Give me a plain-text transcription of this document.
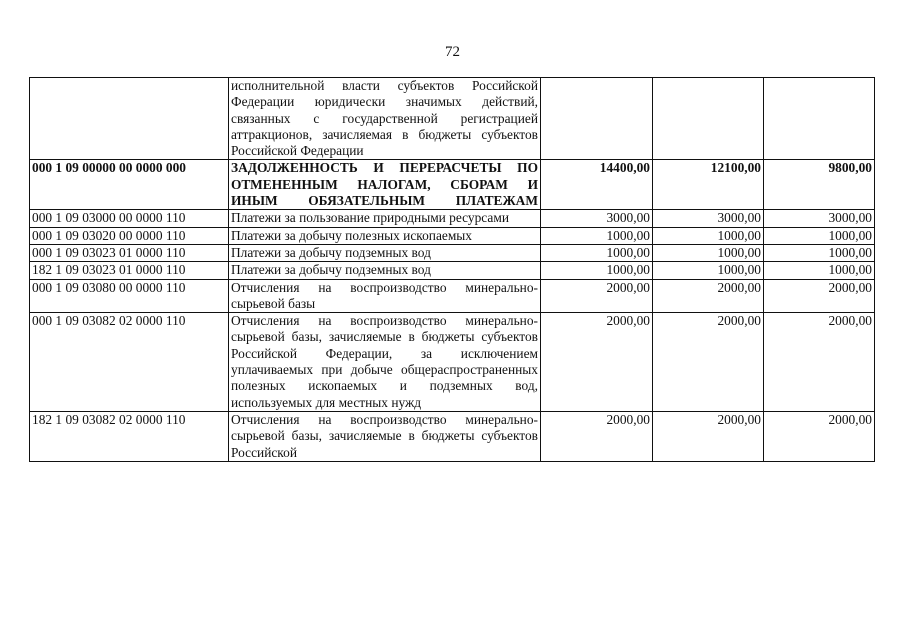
72
	исполнительной власти субъектов Российской Федерации юридически значимых действий, связанных с государственной регистрацией аттракционов, зачисляемая в бюджеты субъектов Российской Федерации			
000 1 09 00000 00 0000 000	ЗАДОЛЖЕННОСТЬ И ПЕРЕРАСЧЕТЫ ПО ОТМЕНЕННЫМ НАЛОГАМ, СБОРАМ И ИНЫМ ОБЯЗАТЕЛЬНЫМ ПЛАТЕЖАМ	14400,00	12100,00	9800,00
000 1 09 03000 00 0000 110	Платежи за пользование природными ресурсами	3000,00	3000,00	3000,00
000 1 09 03020 00 0000 110	Платежи за добычу полезных ископаемых	1000,00	1000,00	1000,00
000 1 09 03023 01 0000 110	Платежи за добычу подземных вод	1000,00	1000,00	1000,00
182 1 09 03023 01 0000 110	Платежи за добычу подземных вод	1000,00	1000,00	1000,00
000 1 09 03080 00 0000 110	Отчисления на воспроизводство минерально-сырьевой базы	2000,00	2000,00	2000,00
000 1 09 03082 02 0000 110	Отчисления на воспроизводство минерально-сырьевой базы, зачисляемые в бюджеты субъектов Российской Федерации, за исключением уплачиваемых при добыче общераспространенных полезных ископаемых и подземных вод, используемых для местных нужд	2000,00	2000,00	2000,00
182 1 09 03082 02 0000 110	Отчисления на воспроизводство минерально-сырьевой базы, зачисляемые в бюджеты субъектов Российской	2000,00	2000,00	2000,00
